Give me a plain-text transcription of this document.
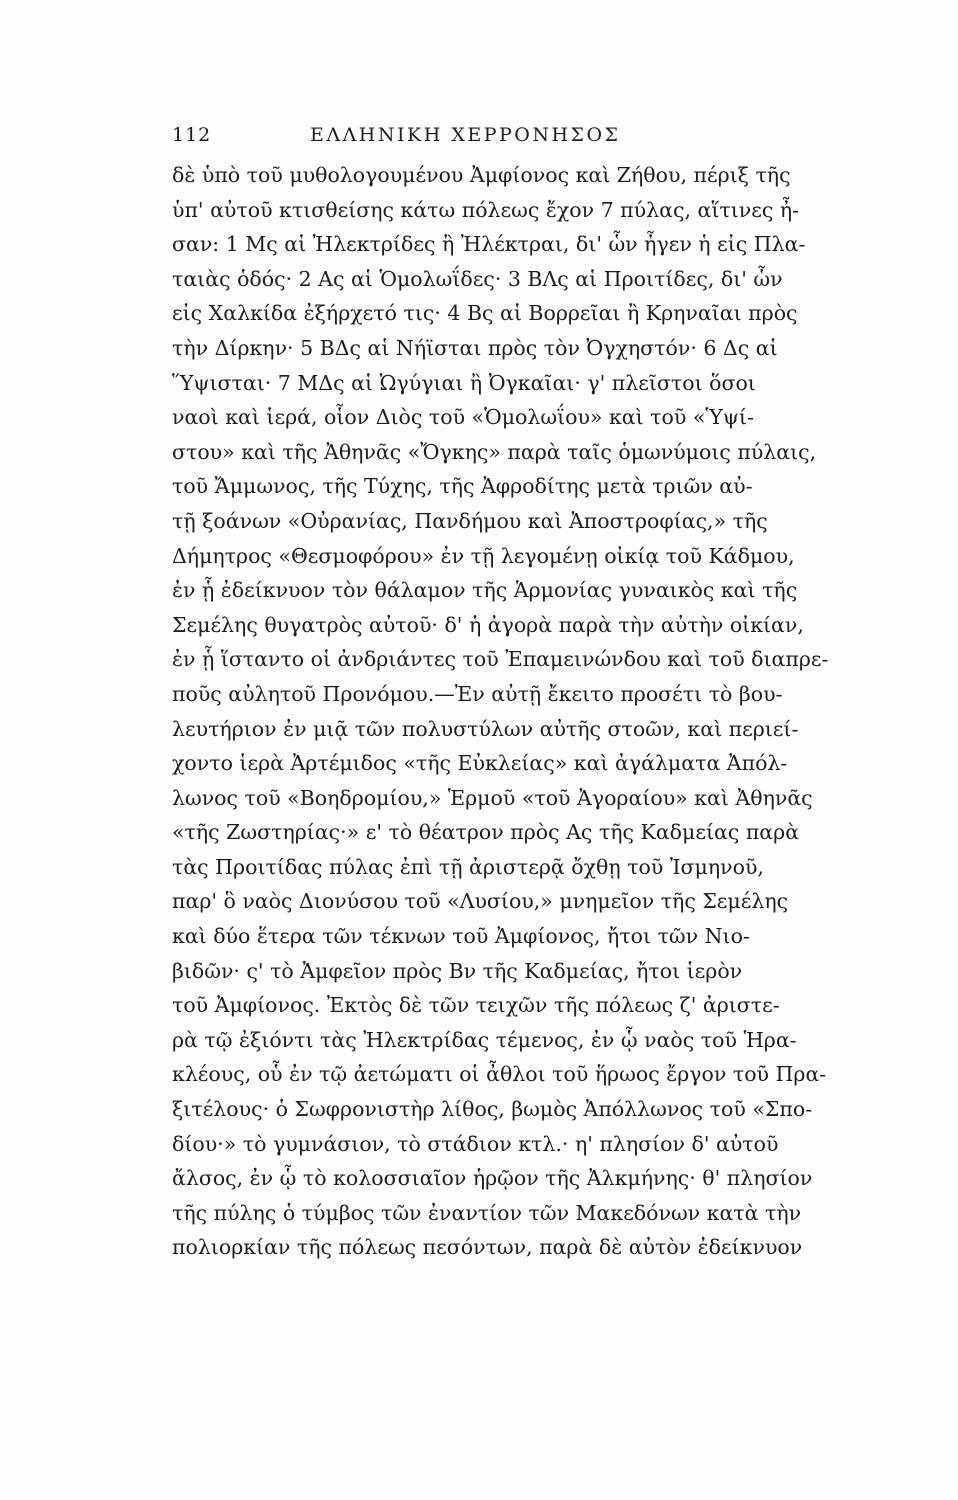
112	ΕΛΛΗΝΙΚΗ ΧΕΡΡΟΝΗΣΟΣ
δὲ ὑπὸ τοῦ μυθολογουμένου Ἀμφίονος καὶ Ζήθου, πέριξ τῆς
ὑπ' αὐτοῦ κτισθείσης κάτω πόλεως ἔχον 7 πύλας, αἵτινες ἦ-
σαν: 1 Μς αἱ Ἠλεκτρίδες ἢ Ἠλέκτραι, δι' ὧν ἦγεν ἡ εἰς Πλα-
ταιὰς ὁδός· 2 Ας αἱ Ὁμολωΐδες· 3 ΒΛς αἱ Προιτίδες, δι' ὧν
εἰς Χαλκίδα ἐξήρχετό τις· 4 Βς αἱ Βορρεῖαι ἢ Κρηναῖαι πρὸς
τὴν Δίρκην· 5 ΒΔς αἱ Νήϊσται πρὸς τὸν Ὀγχηστόν· 6 Δς αἱ
Ὕψισται· 7 ΜΔς αἱ Ὠγύγιαι ἢ Ὀγκαῖαι· γ' πλεῖστοι ὅσοι
ναοὶ καὶ ἱερά, οἷον Διὸς τοῦ «Ὁμολωΐου» καὶ τοῦ «Ὑψί-
στου» καὶ τῆς Ἀθηνᾶς «Ὄγκης» παρὰ ταῖς ὁμωνύμοις πύλαις,
τοῦ Ἄμμωνος, τῆς Τύχης, τῆς Ἀφροδίτης μετὰ τριῶν αὐ-
τῇ ξοάνων «Οὐρανίας, Πανδήμου καὶ Ἀποστροφίας,» τῆς
Δήμητρος «Θεσμοφόρου» ἐν τῇ λεγομένῃ οἰκίᾳ τοῦ Κάδμου,
ἐν ᾗ ἐδείκνυον τὸν θάλαμον τῆς Ἁρμονίας γυναικὸς καὶ τῆς
Σεμέλης θυγατρὸς αὐτοῦ· δ' ἡ ἀγορὰ παρὰ τὴν αὐτὴν οἰκίαν,
ἐν ᾗ ἵσταντο οἱ ἀνδριάντες τοῦ Ἐπαμεινώνδου καὶ τοῦ διαπρε-
ποῦς αὐλητοῦ Προνόμου.—Ἐν αὐτῇ ἔκειτο προσέτι τὸ βου-
λευτήριον ἐν μιᾷ τῶν πολυστύλων αὐτῆς στοῶν, καὶ περιεί-
χοντο ἱερὰ Ἀρτέμιδος «τῆς Εὐκλείας» καὶ ἀγάλματα Ἀπόλ-
λωνος τοῦ «Βοηδρομίου,» Ἑρμοῦ «τοῦ Ἀγοραίου» καὶ Ἀθηνᾶς
«τῆς Ζωστηρίας·» ε' τὸ θέατρον πρὸς Ας τῆς Καδμείας παρὰ
τὰς Προιτίδας πύλας ἐπὶ τῇ ἀριστερᾷ ὄχθῃ τοῦ Ἰσμηνοῦ,
παρ' ὃ ναὸς Διονύσου τοῦ «Λυσίου,» μνημεῖον τῆς Σεμέλης
καὶ δύο ἕτερα τῶν τέκνων τοῦ Ἀμφίονος, ἤτοι τῶν Νιο-
βιδῶν· ς' τὸ Ἀμφεῖον πρὸς Βν τῆς Καδμείας, ἤτοι ἱερὸν
τοῦ Ἀμφίονος. Ἐκτὸς δὲ τῶν τειχῶν τῆς πόλεως ζ' ἀριστε-
ρὰ τῷ ἐξιόντι τὰς Ἠλεκτρίδας τέμενος, ἐν ᾧ ναὸς τοῦ Ἡρα-
κλέους, οὗ ἐν τῷ ἀετώματι οἱ ἆθλοι τοῦ ἥρωος ἔργον τοῦ Πρα-
ξιτέλους· ὁ Σωφρονιστὴρ λίθος, βωμὸς Ἀπόλλωνος τοῦ «Σπο-
δίου·» τὸ γυμνάσιον, τὸ στάδιον κτλ.· η' πλησίον δ' αὐτοῦ
ἄλσος, ἐν ᾧ τὸ κολοσσιαῖον ἡρῷον τῆς Ἀλκμήνης· θ' πλησίον
τῆς πύλης ὁ τύμβος τῶν ἐναντίον τῶν Μακεδόνων κατὰ τὴν
πολιορκίαν τῆς πόλεως πεσόντων, παρὰ δὲ αὐτὸν ἐδείκνυον
